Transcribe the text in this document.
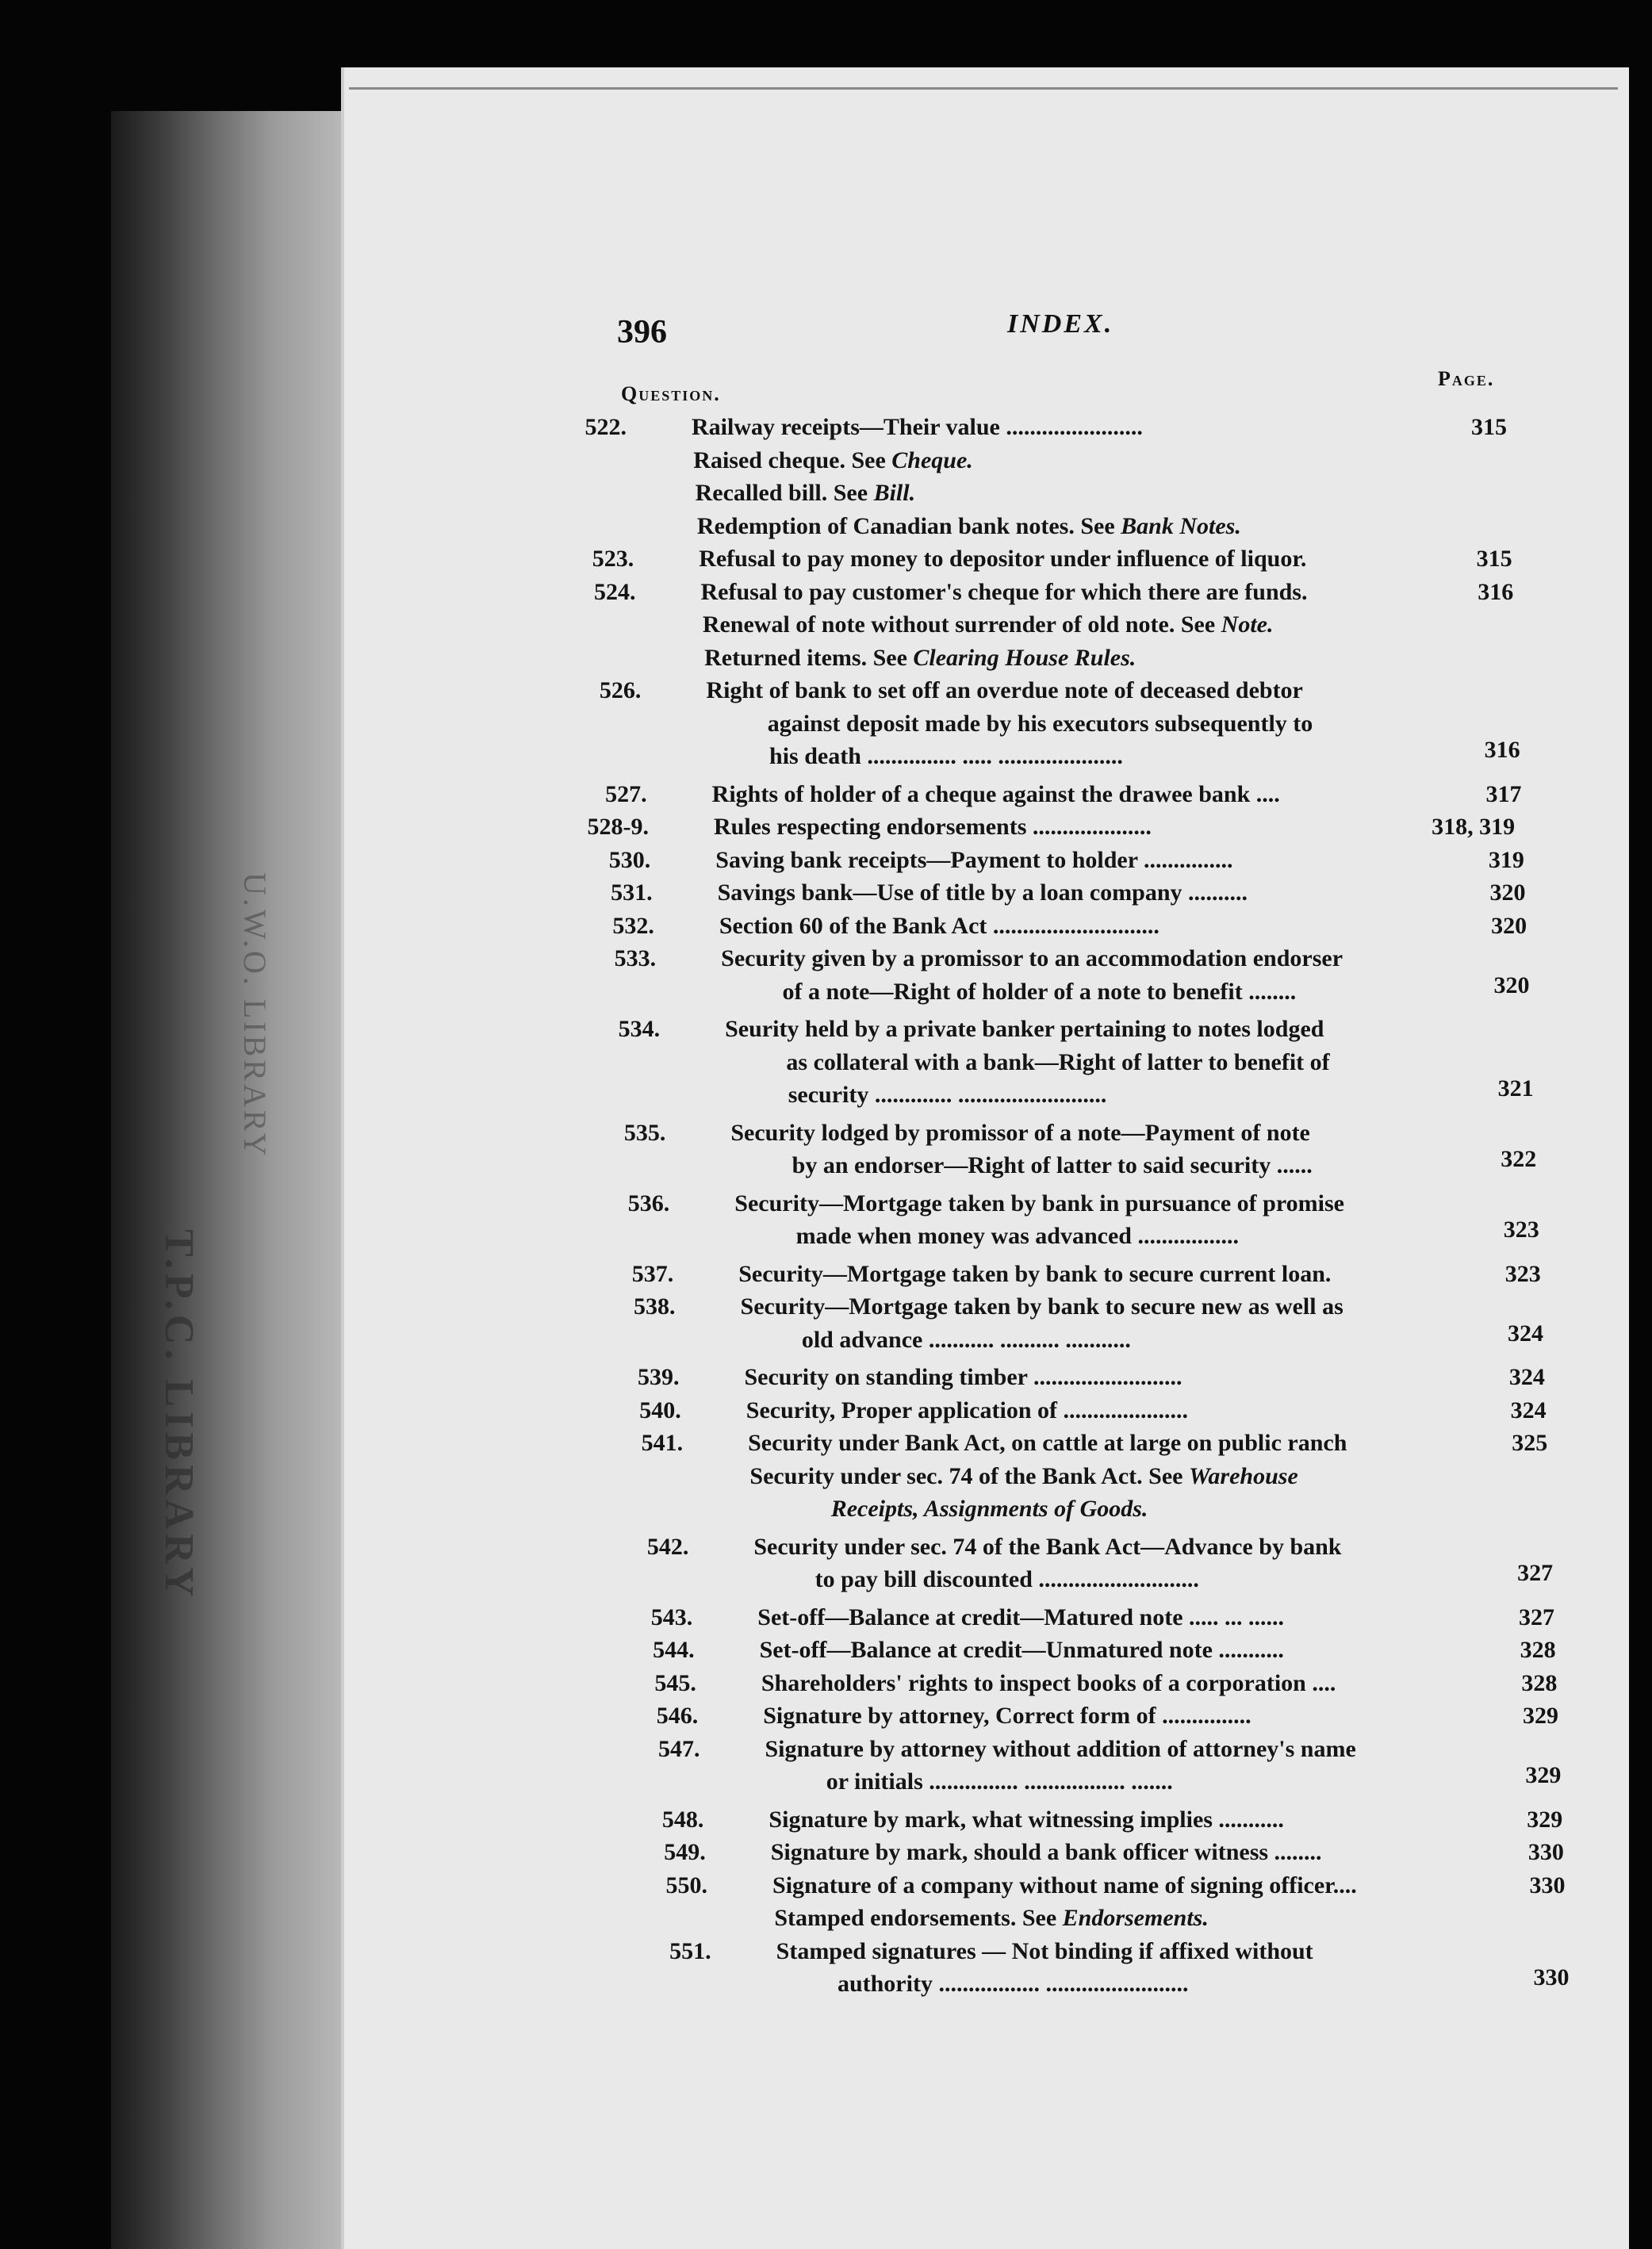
T.P.C. LIBRARY
U.W.O. LIBRARY
396	INDEX.
Question.
Page.
522.	Railway receipts—Their value .......................	315
Raised cheque. See Cheque.
Recalled bill. See Bill.
Redemption of Canadian bank notes. See Bank Notes.
523.	Refusal to pay money to depositor under influence of liquor.	315
524.	Refusal to pay customer's cheque for which there are funds.	316
Renewal of note without surrender of old note. See Note.
Returned items. See Clearing House Rules.
526.	Right of bank to set off an overdue note of deceased debtor
against deposit made by his executors subsequently to
his death ............... ..... .....................	316
527.	Rights of holder of a cheque against the drawee bank ....	317
528-9.	Rules respecting endorsements ....................	318, 319
530.	Saving bank receipts—Payment to holder ...............	319
531.	Savings bank—Use of title by a loan company ..........	320
532.	Section 60 of the Bank Act ............................	320
533.	Security given by a promissor to an accommodation endorser
of a note—Right of holder of a note to benefit ........	320
534.	Seurity held by a private banker pertaining to notes lodged
as collateral with a bank—Right of latter to benefit of
security ............. .........................	321
535.	Security lodged by promissor of a note—Payment of note
by an endorser—Right of latter to said security ......	322
536.	Security—Mortgage taken by bank in pursuance of promise
made when money was advanced .................	323
537.	Security—Mortgage taken by bank to secure current loan.	323
538.	Security—Mortgage taken by bank to secure new as well as
old advance ........... .......... ...........	324
539.	Security on standing timber .........................	324
540.	Security, Proper application of .....................	324
541.	Security under Bank Act, on cattle at large on public ranch	325
Security under sec. 74 of the Bank Act. See Warehouse
Receipts, Assignments of Goods.
542.	Security under sec. 74 of the Bank Act—Advance by bank
to pay bill discounted ...........................	327
543.	Set-off—Balance at credit—Matured note ..... ... ......	327
544.	Set-off—Balance at credit—Unmatured note ...........	328
545.	Shareholders' rights to inspect books of a corporation ....	328
546.	Signature by attorney, Correct form of ...............	329
547.	Signature by attorney without addition of attorney's name
or initials ............... ................. .......	329
548.	Signature by mark, what witnessing implies ...........	329
549.	Signature by mark, should a bank officer witness ........	330
550.	Signature of a company without name of signing officer....	330
Stamped endorsements. See Endorsements.
551.	Stamped signatures — Not binding if affixed without
authority ................. ........................	330
